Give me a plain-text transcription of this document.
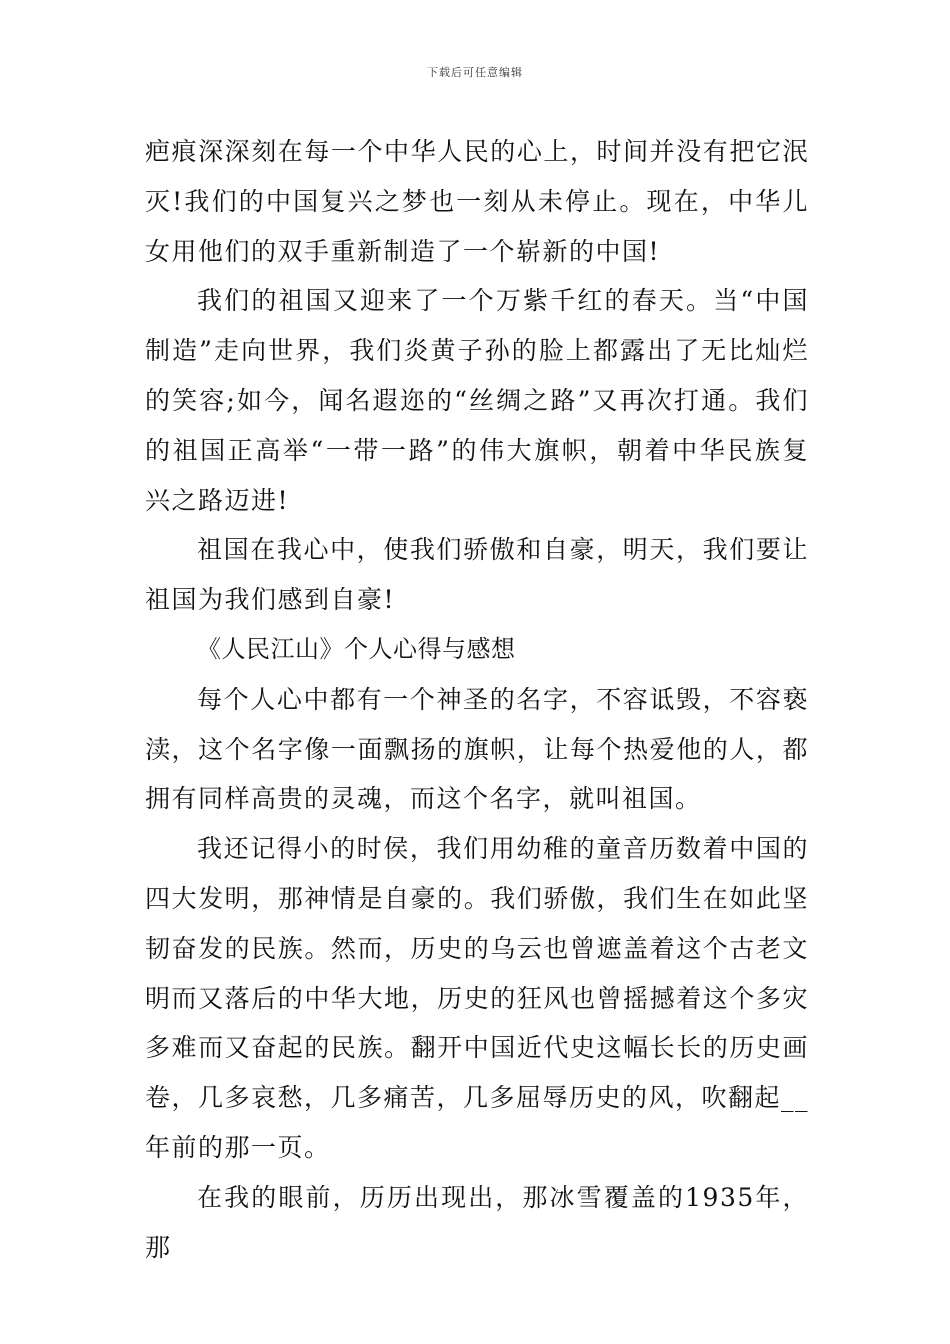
下载后可任意编辑

疤痕深深刻在每一个中华人民的心上，时间并没有把它泯灭!我们的中国复兴之梦也一刻从未停止。现在，中华儿女用他们的双手重新制造了一个崭新的中国!

我们的祖国又迎来了一个万紫千红的春天。当“中国制造”走向世界，我们炎黄子孙的脸上都露出了无比灿烂的笑容;如今，闻名遐迩的“丝绸之路”又再次打通。我们的祖国正高举“一带一路”的伟大旗帜，朝着中华民族复兴之路迈进!

祖国在我心中，使我们骄傲和自豪，明天，我们要让祖国为我们感到自豪!

《人民江山》个人心得与感想

每个人心中都有一个神圣的名字，不容诋毁，不容亵渎，这个名字像一面飘扬的旗帜，让每个热爱他的人，都拥有同样高贵的灵魂，而这个名字，就叫祖国。

我还记得小的时侯，我们用幼稚的童音历数着中国的四大发明，那神情是自豪的。我们骄傲，我们生在如此坚韧奋发的民族。然而，历史的乌云也曾遮盖着这个古老文明而又落后的中华大地，历史的狂风也曾摇撼着这个多灾多难而又奋起的民族。翻开中国近代史这幅长长的历史画卷，几多哀愁，几多痛苦，几多屈辱历史的风，吹翻起__年前的那一页。

在我的眼前，历历出现出，那冰雪覆盖的1935年，那
